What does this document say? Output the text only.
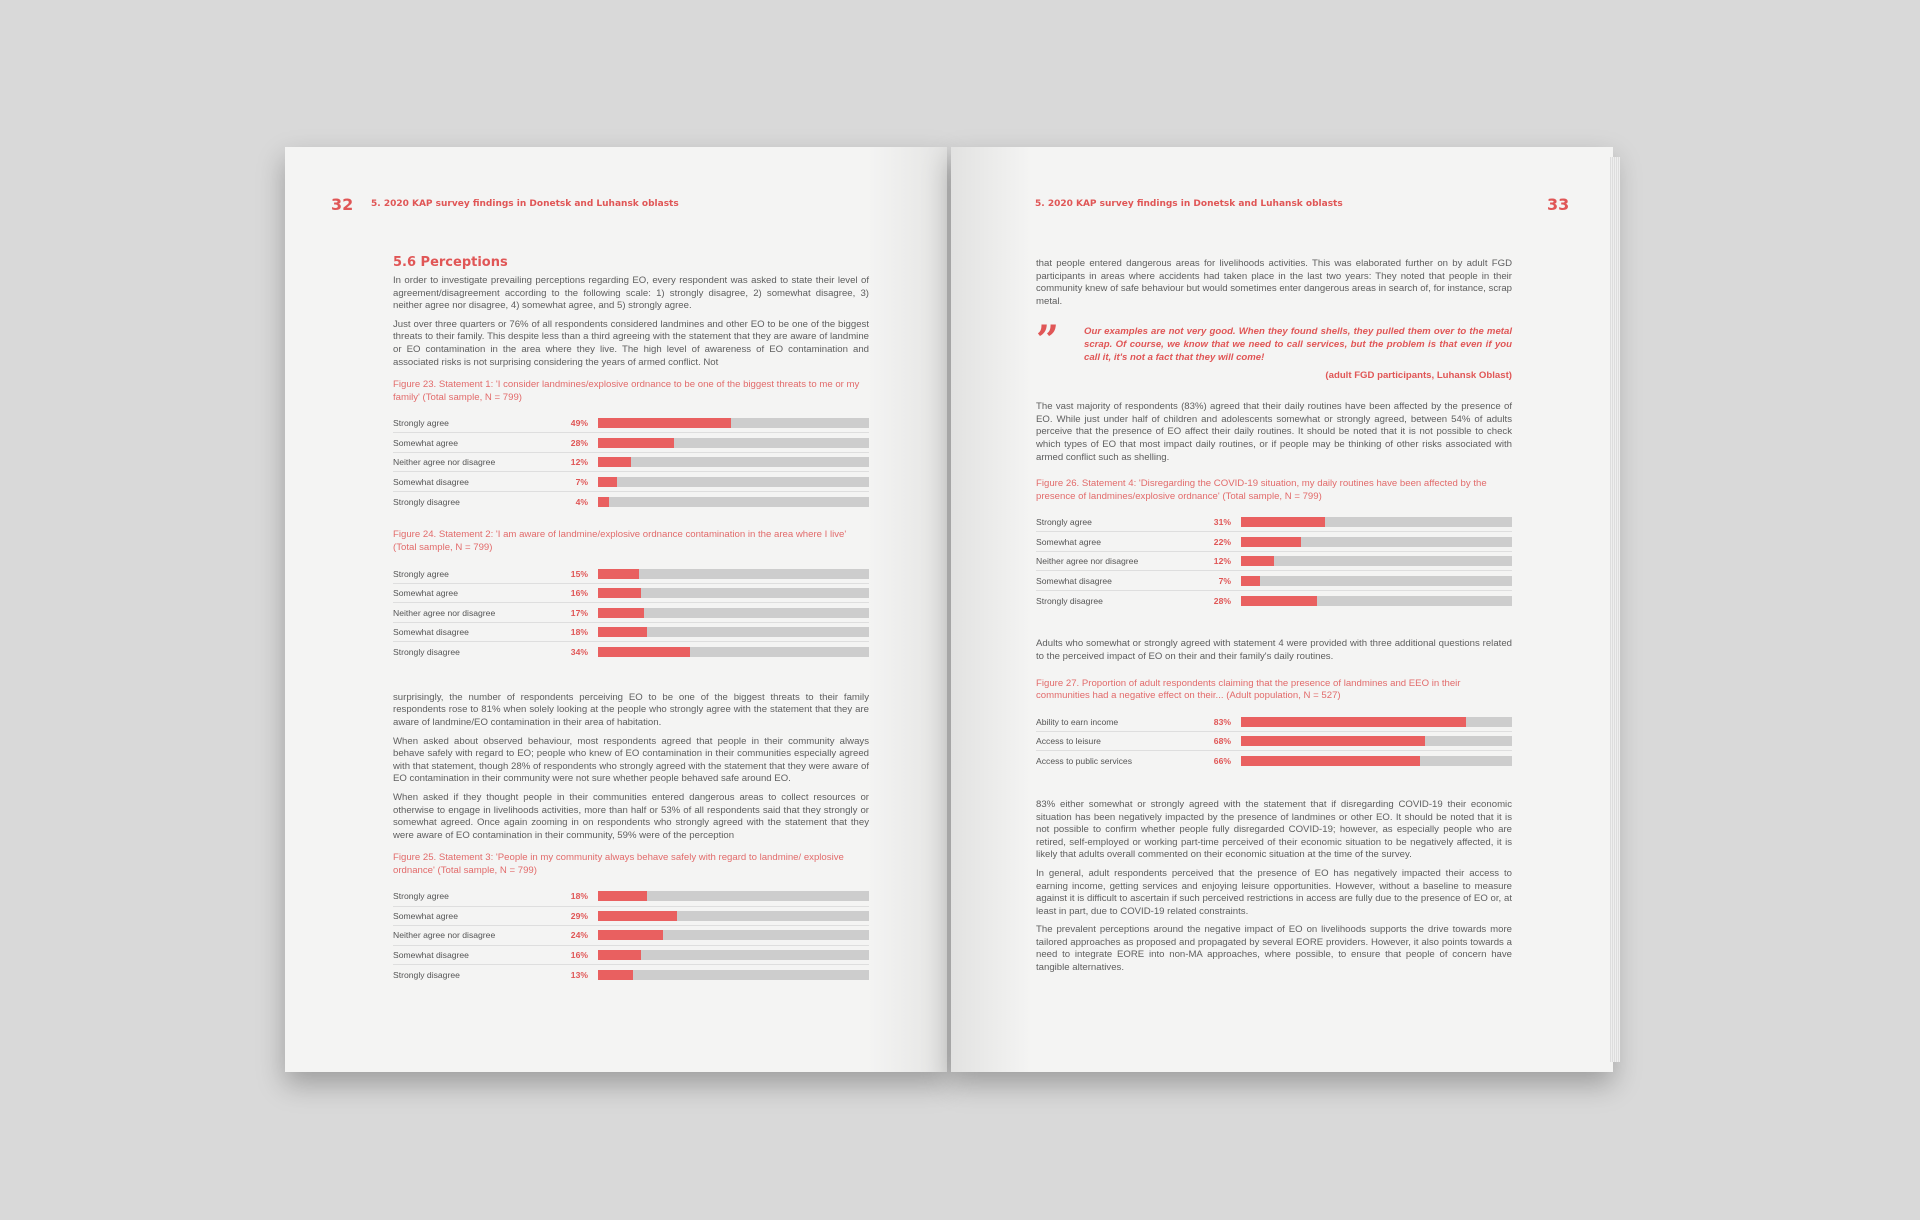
32 5. 2020 KAP survey findings in Donetsk and Luhansk oblasts
5.6 Perceptions

In order to investigate prevailing perceptions regarding EO, every respondent was asked to state their level of agreement/disagreement according to the following scale: 1) strongly disagree, 2) somewhat disagree, 3) neither agree nor disagree, 4) somewhat agree, and 5) strongly agree.

Just over three quarters or 76% of all respondents considered landmines and other EO to be one of the biggest threats to their family. This despite less than a third agreeing with the statement that they are aware of landmine or EO contamination in the area where they live. The high level of awareness of EO contamination and associated risks is not surprising considering the years of armed conflict. Not

Figure 23. Statement 1: 'I consider landmines/explosive ordnance to be one of the biggest threats to me or my family' (Total sample, N = 799)
Strongly agree	49%
Somewhat agree	28%
Neither agree nor disagree	12%
Somewhat disagree	7%
Strongly disagree	4%
Figure 24. Statement 2: 'I am aware of landmine/explosive ordnance contamination in the area where I live' (Total sample, N = 799)
Strongly agree	15%
Somewhat agree	16%
Neither agree nor disagree	17%
Somewhat disagree	18%
Strongly disagree	34%

surprisingly, the number of respondents perceiving EO to be one of the biggest threats to their family respondents rose to 81% when solely looking at the people who strongly agree with the statement that they are aware of landmine/EO contamination in their area of habitation.

When asked about observed behaviour, most respondents agreed that people in their community always behave safely with regard to EO; people who knew of EO contamination in their communities especially agreed with that statement, though 28% of respondents who strongly agreed with the statement that they were aware of EO contamination in their community were not sure whether people behaved safe around EO.

When asked if they thought people in their communities entered dangerous areas to collect resources or otherwise to engage in livelihoods activities, more than half or 53% of all respondents said that they strongly or somewhat agreed. Once again zooming in on respondents who strongly agreed with the statement that they were aware of EO contamination in their community, 59% were of the perception

Figure 25. Statement 3: 'People in my community always behave safely with regard to landmine/ explosive ordnance' (Total sample, N = 799)
Strongly agree	18%
Somewhat agree	29%
Neither agree nor disagree	24%
Somewhat disagree	16%
Strongly disagree	13%
5. 2020 KAP survey findings in Donetsk and Luhansk oblasts	33

that people entered dangerous areas for livelihoods activities. This was elaborated further on by adult FGD participants in areas where accidents had taken place in the last two years: They noted that people in their community knew of safe behaviour but would sometimes enter dangerous areas in search of, for instance, scrap metal.

”	Our examples are not very good. When they found shells, they pulled them over to the metal scrap. Of course, we know that we need to call services, but the problem is that even if you call it, it's not a fact that they will come!
(adult FGD participants, Luhansk Oblast)

The vast majority of respondents (83%) agreed that their daily routines have been affected by the presence of EO. While just under half of children and adolescents somewhat or strongly agreed, between 54% of adults perceive that the presence of EO affect their daily routines. It should be noted that it is not possible to check which types of EO that most impact daily routines, or if people may be thinking of other risks associated with armed conflict such as shelling.

Figure 26. Statement 4: 'Disregarding the COVID-19 situation, my daily routines have been affected by the presence of landmines/explosive ordnance' (Total sample, N = 799)
Strongly agree	31%
Somewhat agree	22%
Neither agree nor disagree	12%
Somewhat disagree	7%
Strongly disagree	28%

Adults who somewhat or strongly agreed with statement 4 were provided with three additional questions related to the perceived impact of EO on their and their family's daily routines.

Figure 27. Proportion of adult respondents claiming that the presence of landmines and EEO in their communities had a negative effect on their... (Adult population, N = 527)
Ability to earn income	83%
Access to leisure	68%
Access to public services	66%

83% either somewhat or strongly agreed with the statement that if disregarding COVID-19 their economic situation has been negatively impacted by the presence of landmines or other EO. It should be noted that it is not possible to confirm whether people fully disregarded COVID-19; however, as especially people who are retired, self-employed or working part-time perceived of their economic situation to be negatively affected, it is likely that adults overall commented on their economic situation at the time of the survey.

In general, adult respondents perceived that the presence of EO has negatively impacted their access to earning income, getting services and enjoying leisure opportunities. However, without a baseline to measure against it is difficult to ascertain if such perceived restrictions in access are fully due to the presence of EO or, at least in part, due to COVID-19 related constraints.

The prevalent perceptions around the negative impact of EO on livelihoods supports the drive towards more tailored approaches as proposed and propagated by several EORE providers. However, it also points towards a need to integrate EORE into non-MA approaches, where possible, to ensure that people of concern have tangible alternatives.
